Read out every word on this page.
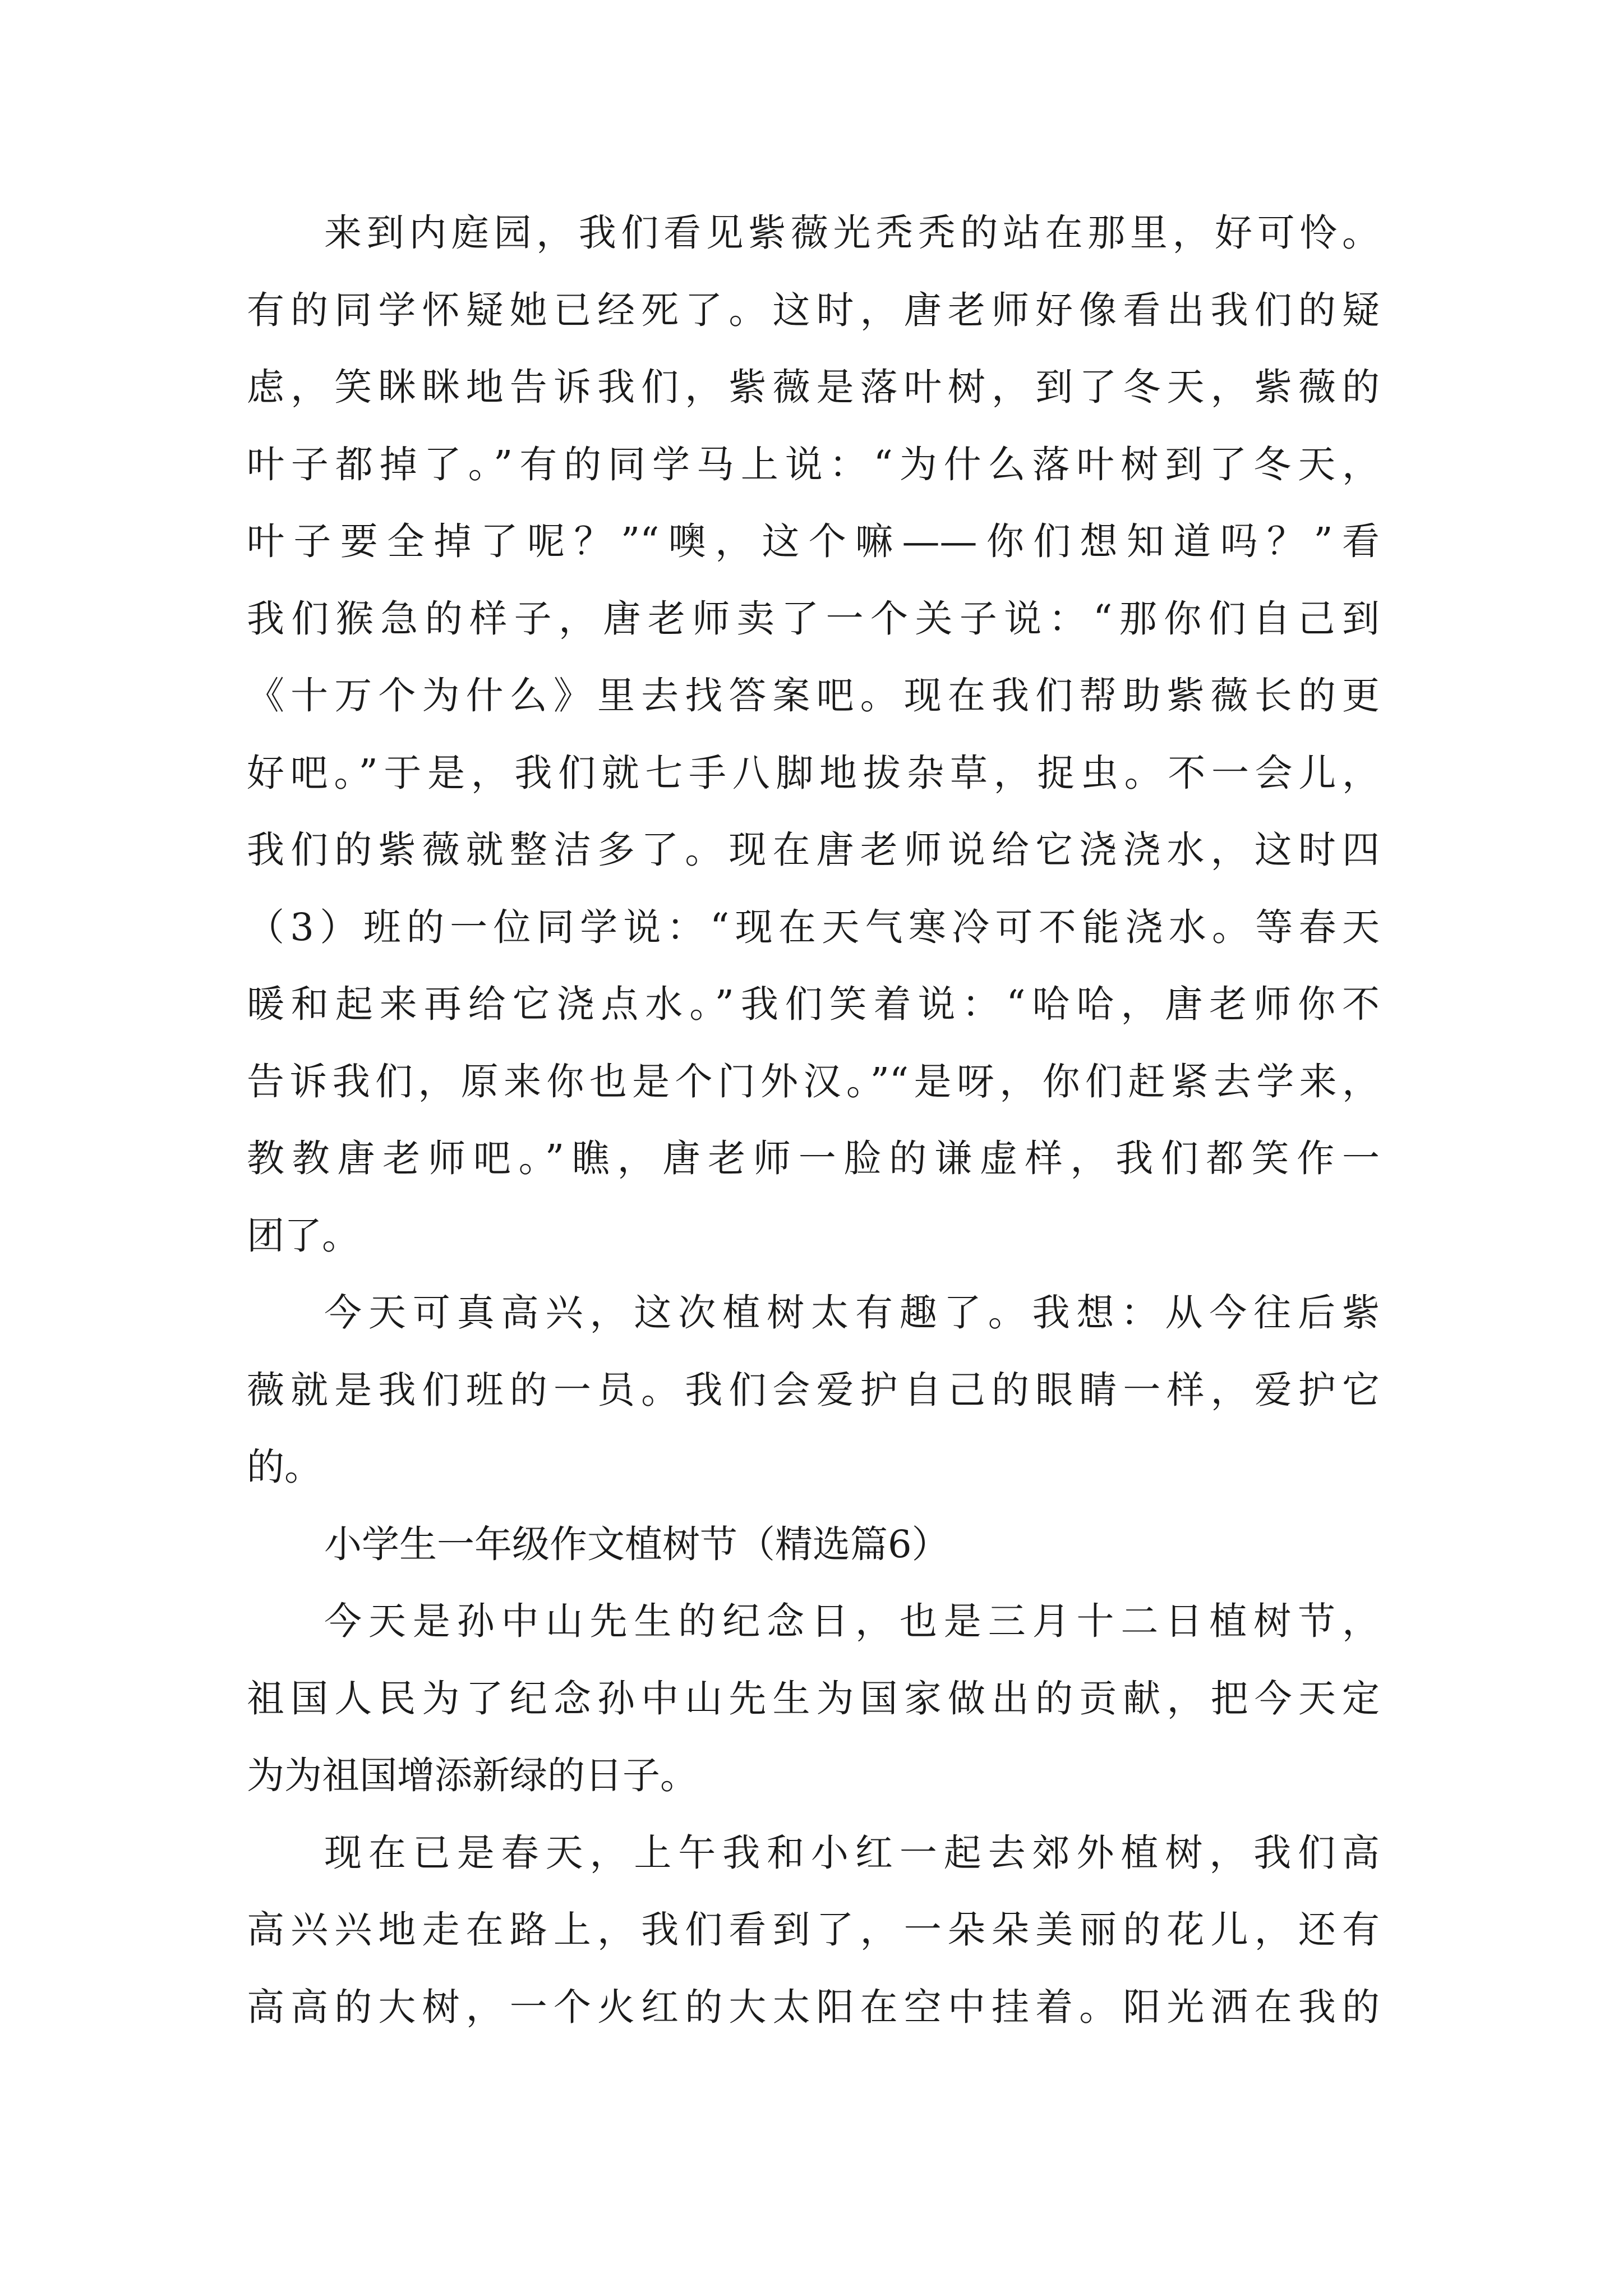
来到内庭园，我们看见紫薇光秃秃的站在那里，好可怜。

有的同学怀疑她已经死了。这时，唐老师好像看出我们的疑

虑，笑眯眯地告诉我们，紫薇是落叶树，到了冬天，紫薇的

叶子都掉了。”有的同学马上说：“为什么落叶树到了冬天，

叶子要全掉了呢？”“噢，这个嘛——你们想知道吗？”看

我们猴急的样子，唐老师卖了一个关子说：“那你们自己到

《十万个为什么》里去找答案吧。现在我们帮助紫薇长的更

好吧。”于是，我们就七手八脚地拔杂草，捉虫。不一会儿，

我们的紫薇就整洁多了。现在唐老师说给它浇浇水，这时四

（3）班的一位同学说：“现在天气寒冷可不能浇水。等春天

暖和起来再给它浇点水。”我们笑着说：“哈哈，唐老师你不

告诉我们，原来你也是个门外汉。”“是呀，你们赶紧去学来，

教教唐老师吧。”瞧，唐老师一脸的谦虚样，我们都笑作一

团了。

今天可真高兴，这次植树太有趣了。我想：从今往后紫

薇就是我们班的一员。我们会爱护自己的眼睛一样，爱护它

的。

小学生一年级作文植树节（精选篇6）

今天是孙中山先生的纪念日，也是三月十二日植树节，

祖国人民为了纪念孙中山先生为国家做出的贡献，把今天定

为为祖国增添新绿的日子。

现在已是春天，上午我和小红一起去郊外植树，我们高

高兴兴地走在路上，我们看到了，一朵朵美丽的花儿，还有

高高的大树，一个火红的大太阳在空中挂着。阳光洒在我的
